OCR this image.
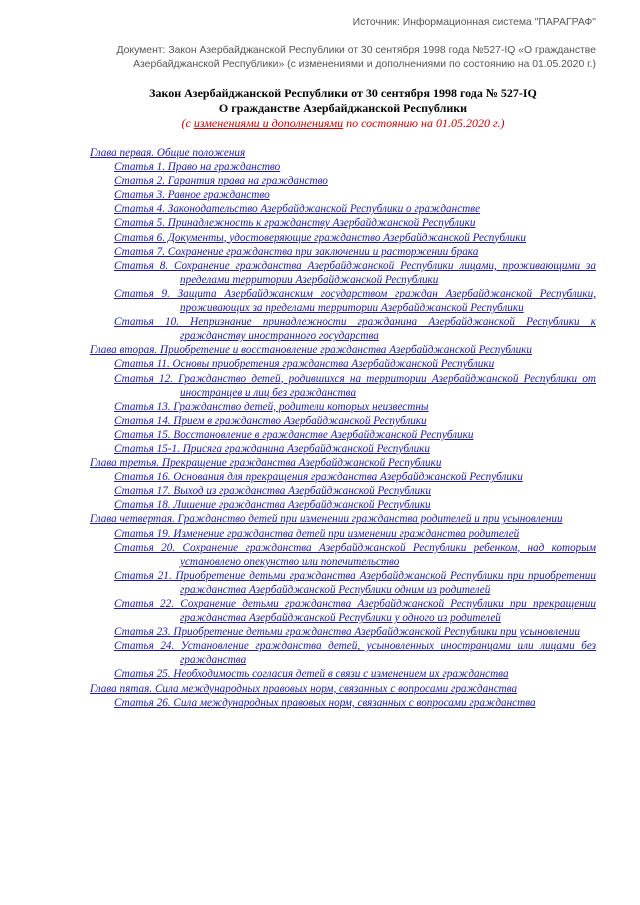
Источник: Информационная система "ПАРАГРАФ"
Документ: Закон Азербайджанской Республики от 30 сентября 1998 года №527-IQ «О гражданстве
Азербайджанской Республики» (с изменениями и дополнениями по состоянию на 01.05.2020 г.)
Закон Азербайджанской Республики от 30 сентября 1998 года № 527-IQ
О гражданстве Азербайджанской Республики
(с изменениями и дополнениями по состоянию на 01.05.2020 г.)
Глава первая. Общие положения
Статья 1. Право на гражданство
Статья 2. Гарантия права на гражданство
Статья 3. Равное гражданство
Статья 4. Законодательство Азербайджанской Республики о гражданстве
Статья 5. Принадлежность к гражданству Азербайджанской Республики
Статья 6. Документы, удостоверяющие гражданство Азербайджанской Республики
Статья 7. Сохранение гражданства при заключении и расторжении брака
Статья 8. Сохранение гражданства Азербайджанской Республики лицами, проживающими за пределами территории Азербайджанской Республики
Статья 9. Защита Азербайджанским государством граждан Азербайджанской Республики, проживающих за пределами территории Азербайджанской Республики
Статья 10. Непризнание принадлежности гражданина Азербайджанской Республики к гражданству иностранного государства
Глава вторая. Приобретение и восстановление гражданства Азербайджанской Республики
Статья 11. Основы приобретения гражданства Азербайджанской Республики
Статья 12. Гражданство детей, родившихся на территории Азербайджанской Республики от иностранцев и лиц без гражданства
Статья 13. Гражданство детей, родители которых неизвестны
Статья 14. Прием в гражданство Азербайджанской Республики
Статья 15. Восстановление в гражданстве Азербайджанской Республики
Статья 15-1. Присяга гражданина Азербайджанской Республики
Глава третья. Прекращение гражданства Азербайджанской Республики
Статья 16. Основания для прекращения гражданства Азербайджанской Республики
Статья 17. Выход из гражданства Азербайджанской Республики
Статья 18. Лишение гражданства Азербайджанской Республики
Глава четвертая. Гражданство детей при изменении гражданства родителей и при усыновлении
Статья 19. Изменение гражданства детей при изменении гражданства родителей
Статья 20. Сохранение гражданства Азербайджанской Республики ребенком, над которым установлено опекунство или попечительство
Статья 21. Приобретение детьми гражданства Азербайджанской Республики при приобретении гражданства Азербайджанской Республики одним из родителей
Статья 22. Сохранение детьми гражданства Азербайджанской Республики при прекращении гражданства Азербайджанской Республики у одного из родителей
Статья 23. Приобретение детьми гражданства Азербайджанской Республики при усыновлении
Статья 24. Установление гражданства детей, усыновленных иностранцами или лицами без гражданства
Статья 25. Необходимость согласия детей в связи с изменением их гражданства
Глава пятая. Сила международных правовых норм, связанных с вопросами гражданства
Статья 26. Сила международных правовых норм, связанных с вопросами гражданства
